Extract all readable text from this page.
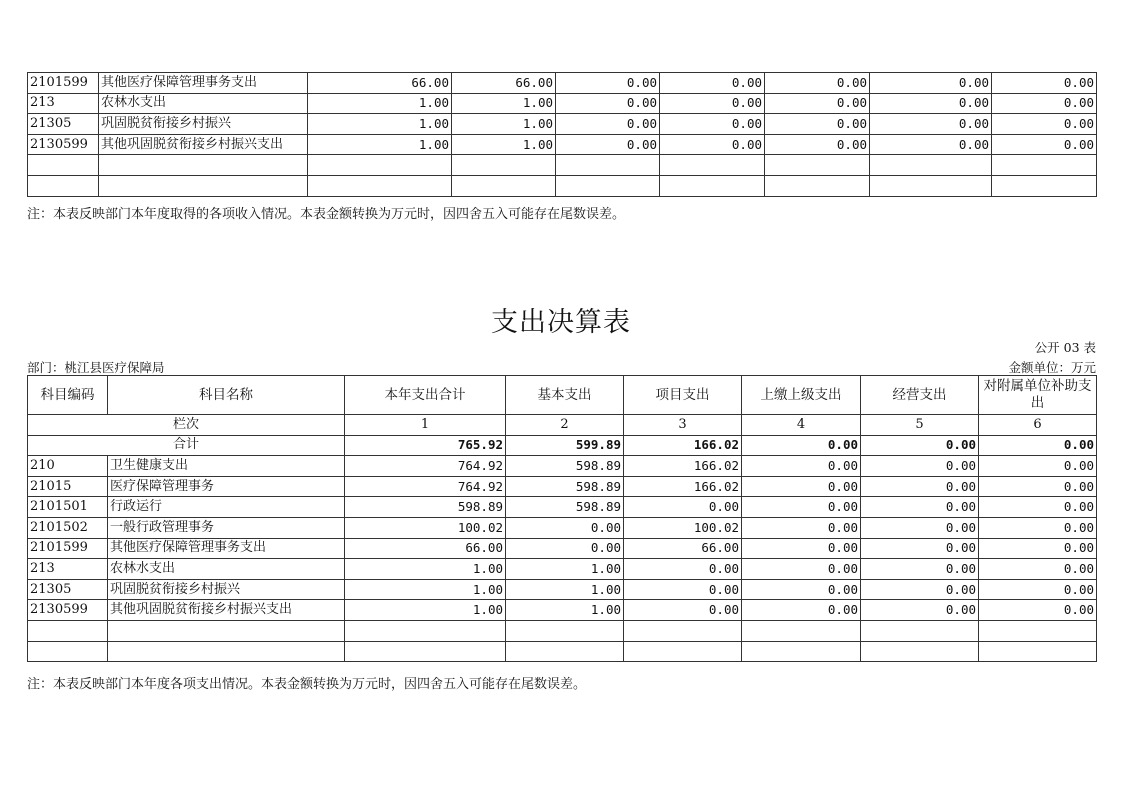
2101599	其他医疗保障管理事务支出	66.00	66.00	0.00	0.00	0.00	0.00	0.00
213	农林水支出	1.00	1.00	0.00	0.00	0.00	0.00	0.00
21305	巩固脱贫衔接乡村振兴	1.00	1.00	0.00	0.00	0.00	0.00	0.00
2130599	其他巩固脱贫衔接乡村振兴支出	1.00	1.00	0.00	0.00	0.00	0.00	0.00

注：本表反映部门本年度取得的各项收入情况。本表金额转换为万元时，因四舍五入可能存在尾数误差。
支出决算表
公开 03 表
部门：桃江县医疗保障局	金额单位：万元
科目编码	科目名称	本年支出合计	基本支出	项目支出	上缴上级支出	经营支出	对附属单位补助支出
栏次		1	2	3	4	5	6
合计		765.92	599.89	166.02	0.00	0.00	0.00
210	卫生健康支出	764.92	598.89	166.02	0.00	0.00	0.00
21015	医疗保障管理事务	764.92	598.89	166.02	0.00	0.00	0.00
2101501	行政运行	598.89	598.89	0.00	0.00	0.00	0.00
2101502	一般行政管理事务	100.02	0.00	100.02	0.00	0.00	0.00
2101599	其他医疗保障管理事务支出	66.00	0.00	66.00	0.00	0.00	0.00
213	农林水支出	1.00	1.00	0.00	0.00	0.00	0.00
21305	巩固脱贫衔接乡村振兴	1.00	1.00	0.00	0.00	0.00	0.00
2130599	其他巩固脱贫衔接乡村振兴支出	1.00	1.00	0.00	0.00	0.00	0.00

注：本表反映部门本年度各项支出情况。本表金额转换为万元时，因四舍五入可能存在尾数误差。
